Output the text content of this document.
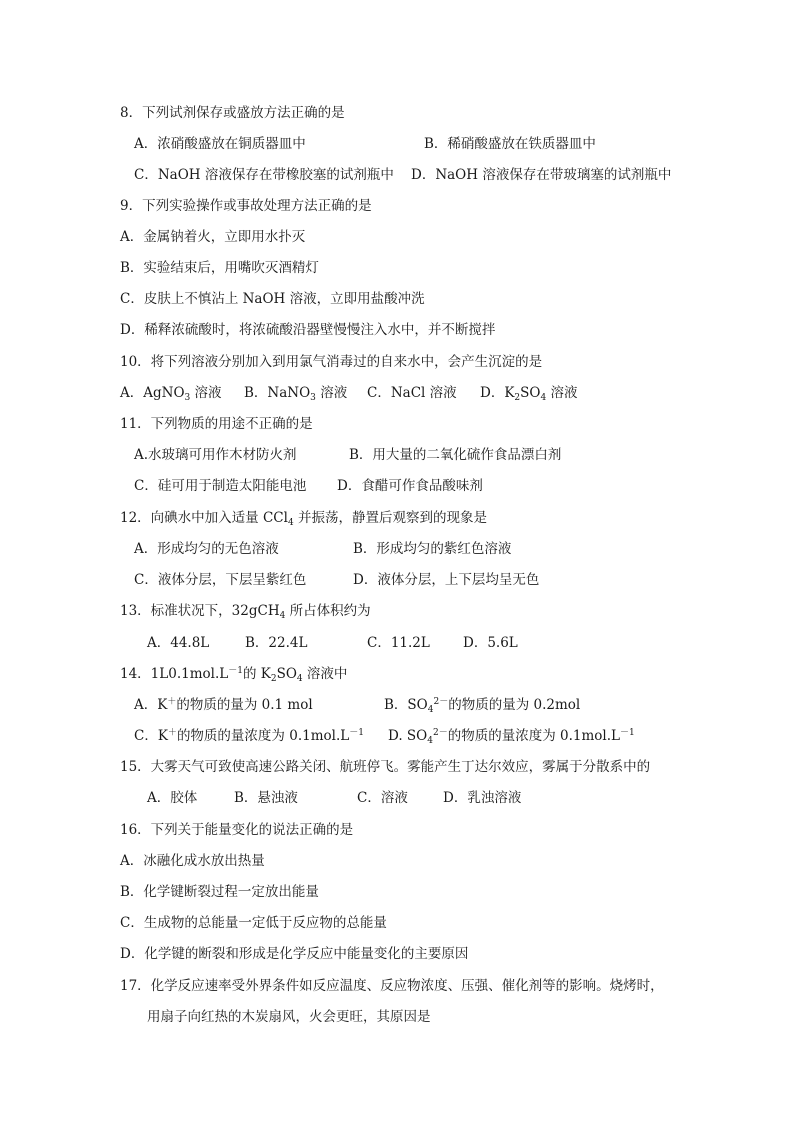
8．下列试剂保存或盛放方法正确的是
A．浓硝酸盛放在铜质器皿中	B．稀硝酸盛放在铁质器皿中
C．NaOH 溶液保存在带橡胶塞的试剂瓶中 D．NaOH 溶液保存在带玻璃塞的试剂瓶中
9．下列实验操作或事故处理方法正确的是
A．金属钠着火，立即用水扑灭
B．实验结束后，用嘴吹灭酒精灯
C．皮肤上不慎沾上 NaOH 溶液，立即用盐酸冲洗
D．稀释浓硫酸时，将浓硫酸沿器壁慢慢注入水中，并不断搅拌
10．将下列溶液分别加入到用氯气消毒过的自来水中，会产生沉淀的是
A．AgNO$_3$ 溶液 B．NaNO$_3$ 溶液 C．NaCl 溶液 D．$K_2SO_4$ 溶液
11．下列物质的用途不正确的是
A.水玻璃可用作木材防火剂	B．用大量的二氧化硫作食品漂白剂
C．硅可用于制造太阳能电池 D．食醋可作食品酸味剂
12．向碘水中加入适量 CCl$_4$ 并振荡，静置后观察到的现象是
A．形成均匀的无色溶液	B．形成均匀的紫红色溶液
C．液体分层，下层呈紫红色	D．液体分层，上下层均呈无色
13．标准状况下，32gCH$_4$ 所占体积约为
A．44.8L	B．22.4L	C．11.2L D．5.6L
14．$1L0.1mol.L^{-1}$的 $K_2SO_4$ 溶液中
A．K＋的物质的量为 0.1 mol	B．$SO_4^{2-}$的物质的量为 0.2mol
C．K＋的物质的量浓度为 $0.1mol.L^{-1}$ D. $SO_4^{2-}$的物质的量浓度为 $0.1mol.L^{-1}$
15．大雾天气可致使高速公路关闭、航班停飞。雾能产生丁达尔效应，雾属于分散系中的
A．胶体	B．悬浊液	C．溶液	D．乳浊溶液
16．下列关于能量变化的说法正确的是
A．冰融化成水放出热量
B．化学键断裂过程一定放出能量
C．生成物的总能量一定低于反应物的总能量
D．化学键的断裂和形成是化学反应中能量变化的主要原因
17．化学反应速率受外界条件如反应温度、反应物浓度、压强、催化剂等的影响。烧烤时，
用扇子向红热的木炭扇风，火会更旺，其原因是
